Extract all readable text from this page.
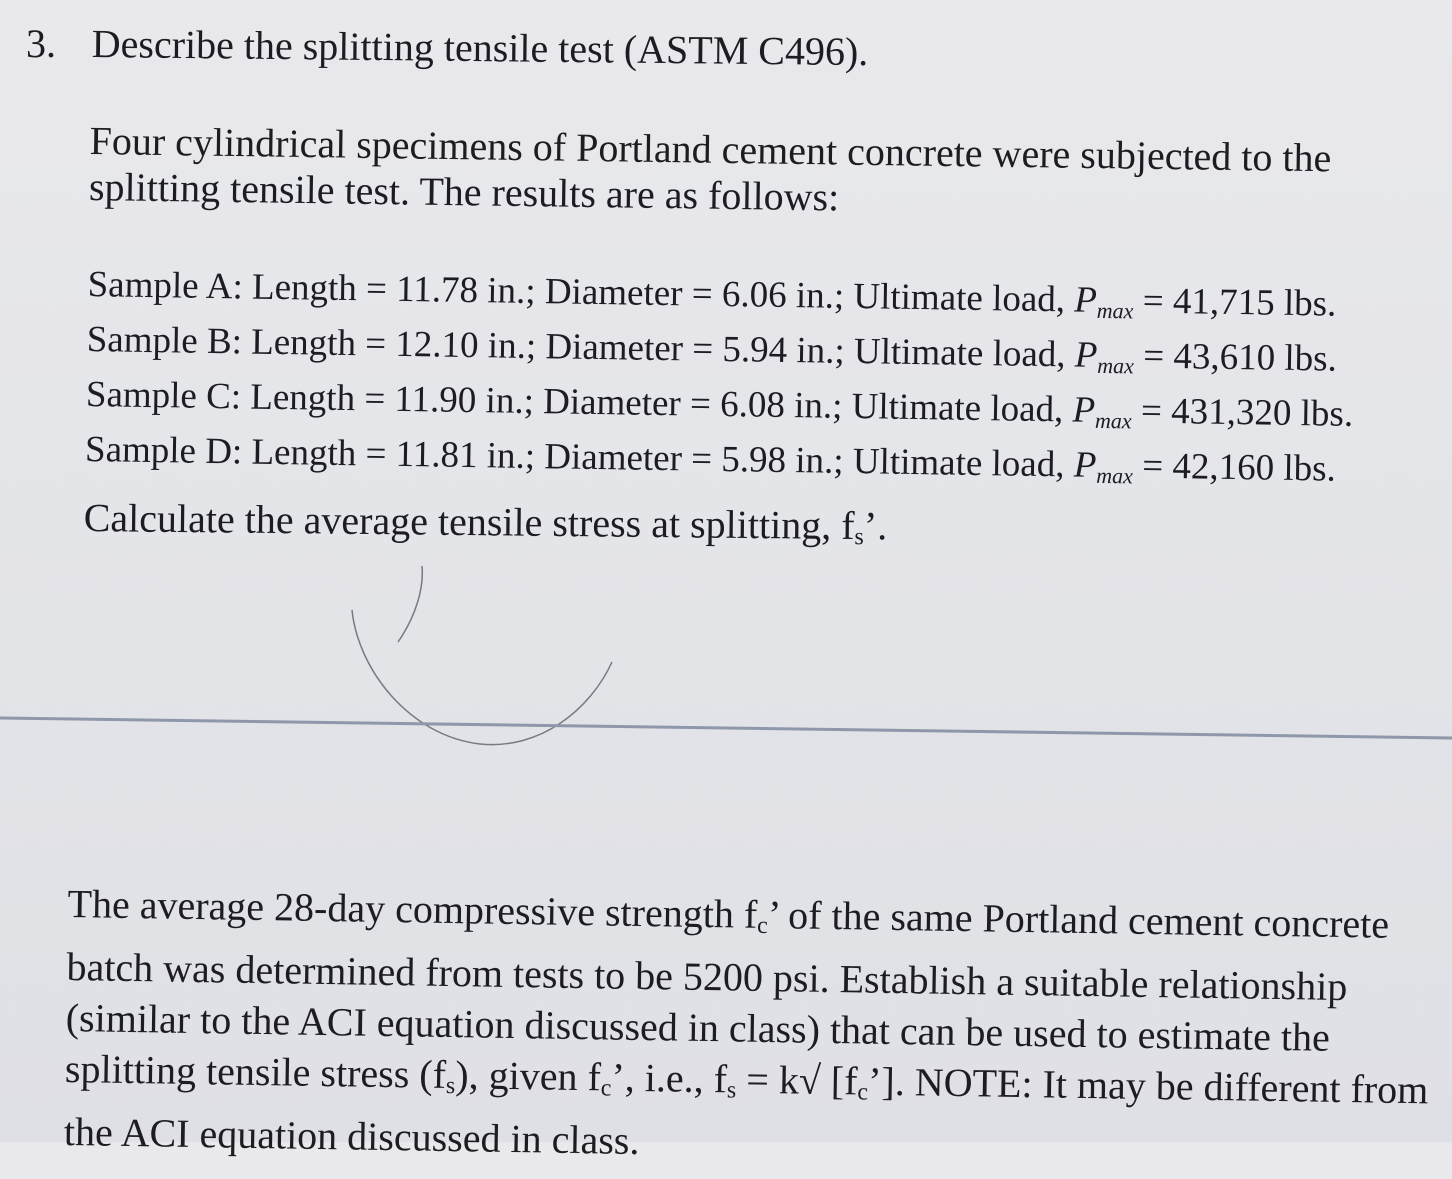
3. Describe the splitting tensile test (ASTM C496).
Four cylindrical specimens of Portland cement concrete were subjected to the splitting tensile test. The results are as follows:
Sample A: Length = 11.78 in.; Diameter = 6.06 in.; Ultimate load, $P_{max} = 41,715$ lbs.
Sample B: Length = 12.10 in.; Diameter = 5.94 in.; Ultimate load, $P_{max} = 43,610$ lbs.
Sample C: Length = 11.90 in.; Diameter = 6.08 in.; Ultimate load, $P_{max} = 431,320$ lbs.
Sample D: Length = 11.81 in.; Diameter = 5.98 in.; Ultimate load, $P_{max} = 42,160$ lbs.
Calculate the average tensile stress at splitting, $f_s$’.

The average 28-day compressive strength $f_c$’ of the same Portland cement concrete batch was determined from tests to be 5200 psi. Establish a suitable relationship (similar to the ACI equation discussed in class) that can be used to estimate the splitting tensile stress $(f_s)$, given $f_c$’, i.e., $f_s = k√$ $[f_c’]$. NOTE: It may be different from the ACI equation discussed in class.
